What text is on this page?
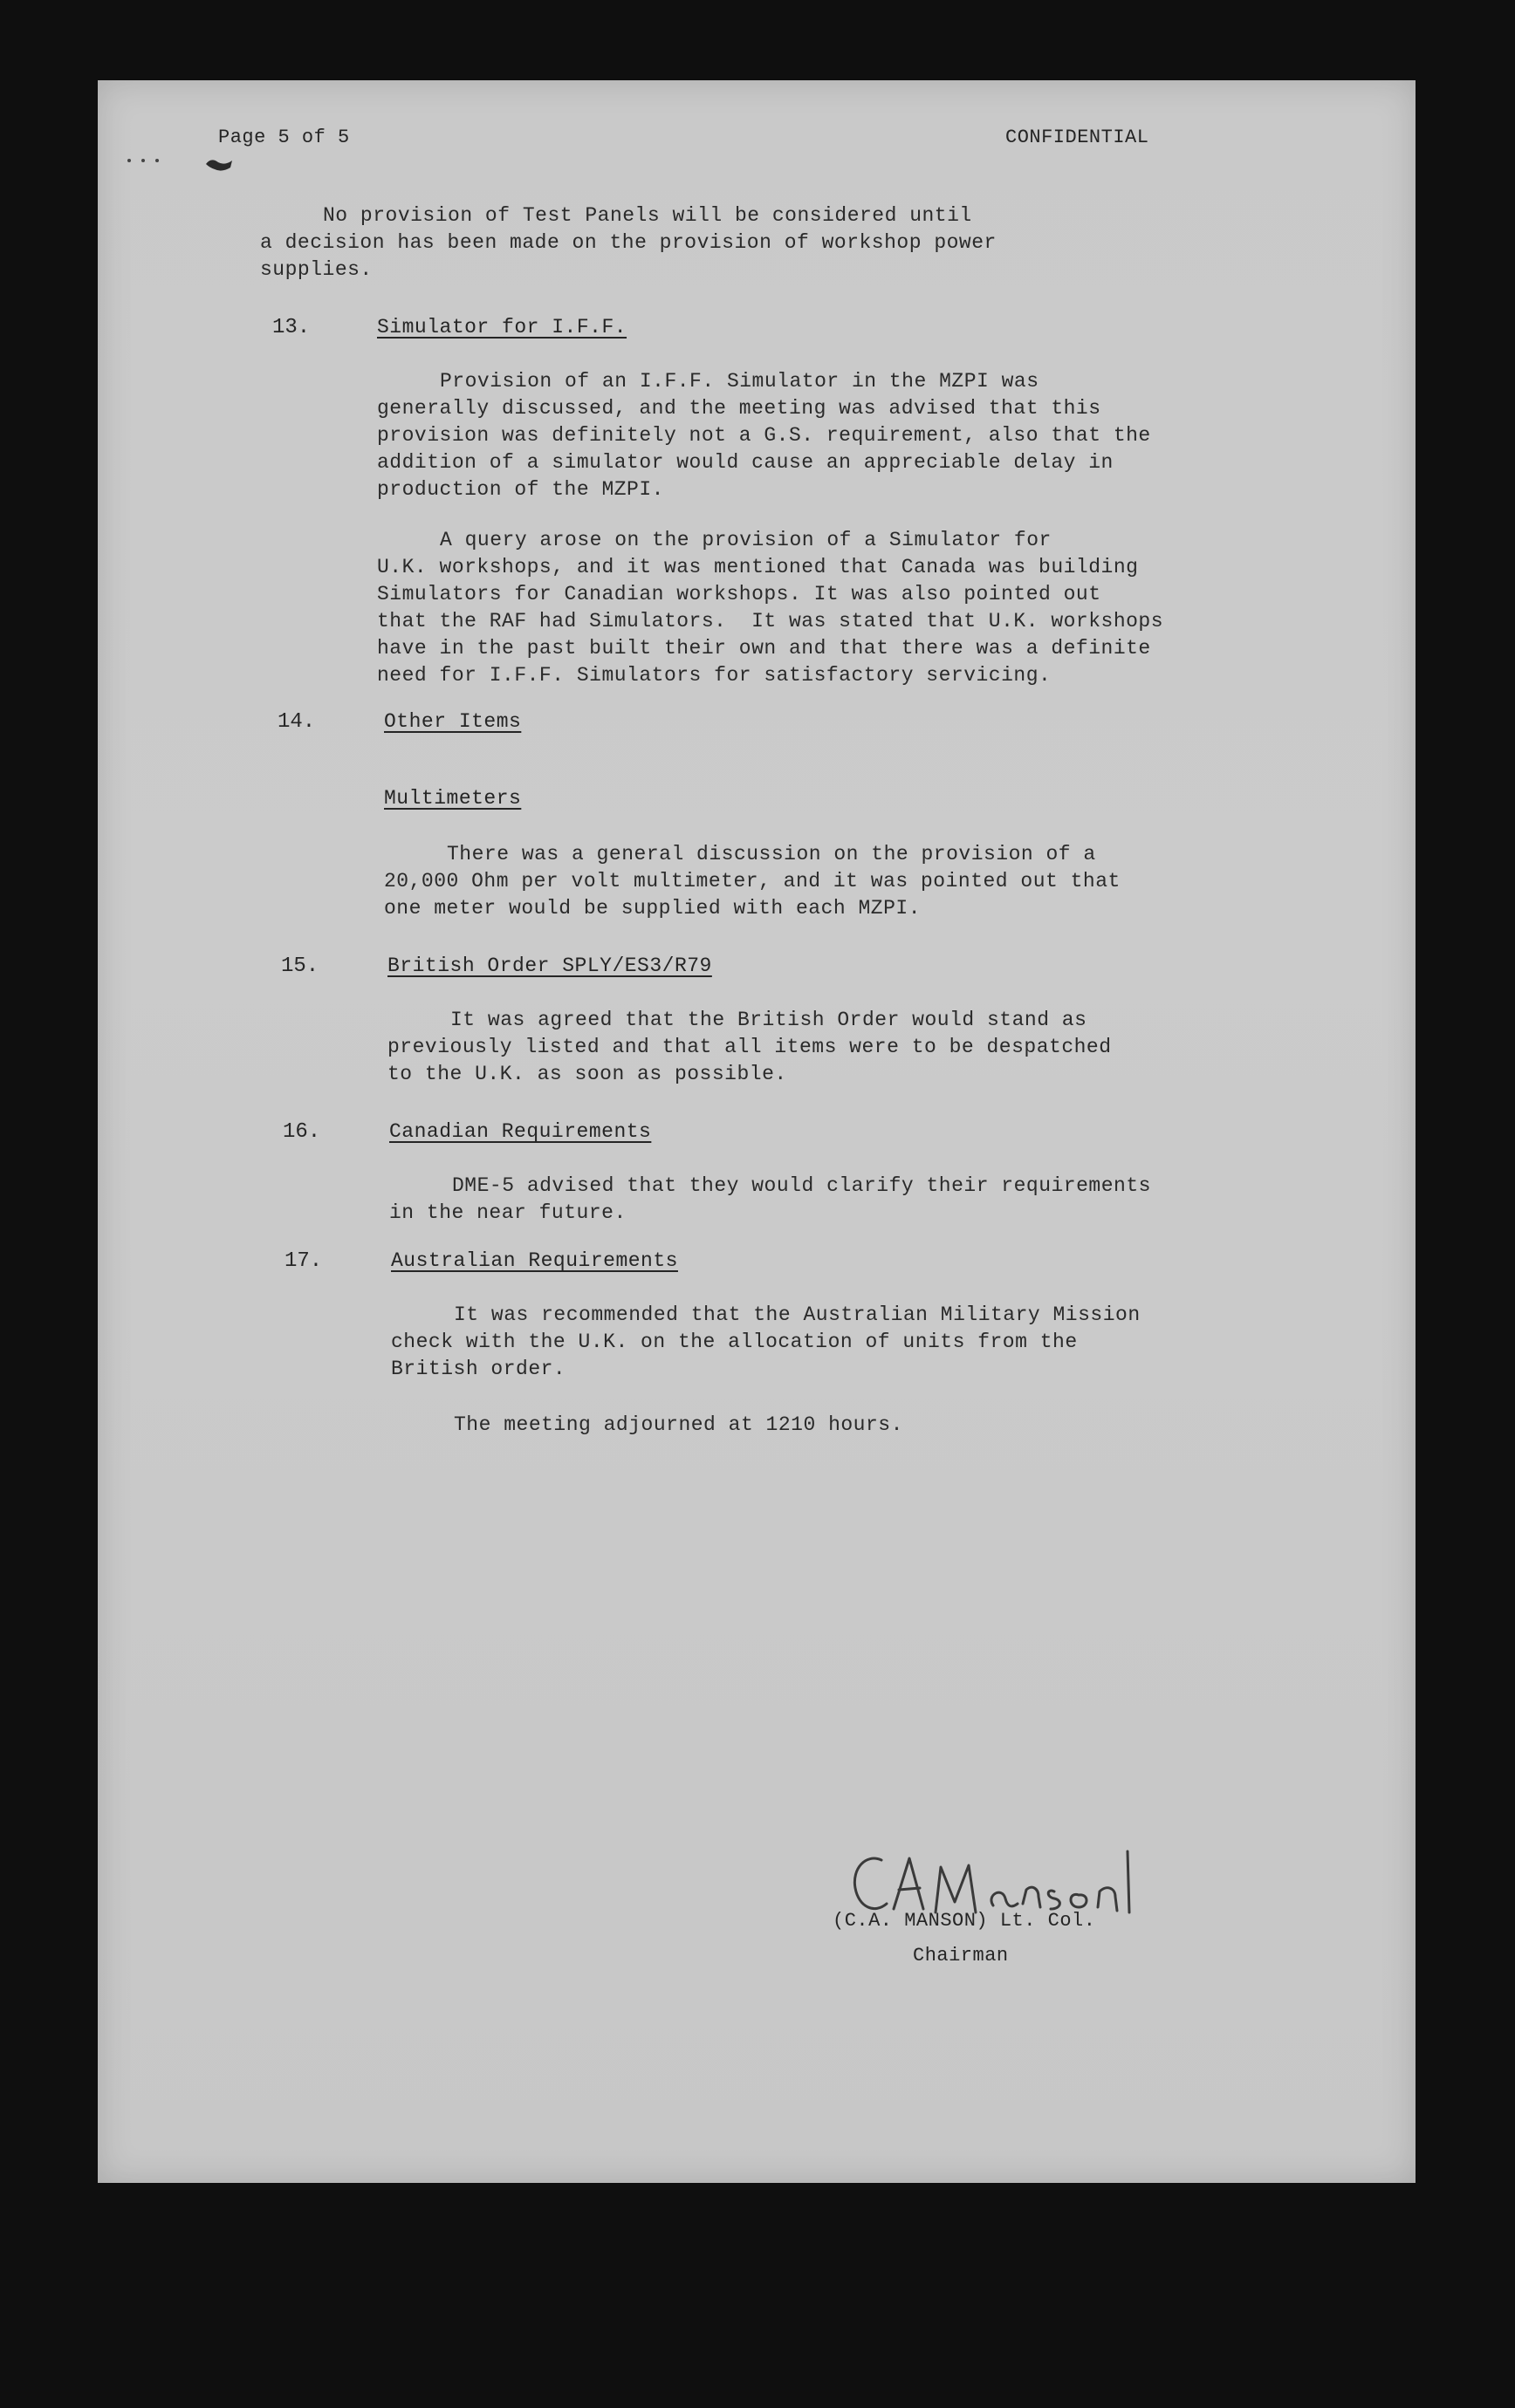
Page 5 of 5	CONFIDENTIAL
No provision of Test Panels will be considered until
a decision has been made on the provision of workshop power
supplies.
13.	Simulator for I.F.F.
Provision of an I.F.F. Simulator in the MZPI was
generally discussed, and the meeting was advised that this
provision was definitely not a G.S. requirement, also that the
addition of a simulator would cause an appreciable delay in
production of the MZPI.
A query arose on the provision of a Simulator for
U.K. workshops, and it was mentioned that Canada was building
Simulators for Canadian workshops. It was also pointed out
that the RAF had Simulators.  It was stated that U.K. workshops
have in the past built their own and that there was a definite
need for I.F.F. Simulators for satisfactory servicing.
14.	Other Items
Multimeters
There was a general discussion on the provision of a
20,000 Ohm per volt multimeter, and it was pointed out that
one meter would be supplied with each MZPI.
15.	British Order SPLY/ES3/R79
It was agreed that the British Order would stand as
previously listed and that all items were to be despatched
to the U.K. as soon as possible.
16.	Canadian Requirements
DME-5 advised that they would clarify their requirements
in the near future.
17.	Australian Requirements
It was recommended that the Australian Military Mission
check with the U.K. on the allocation of units from the
British order.
The meeting adjourned at 1210 hours.
(C.A. MANSON) Lt. Col.
Chairman
